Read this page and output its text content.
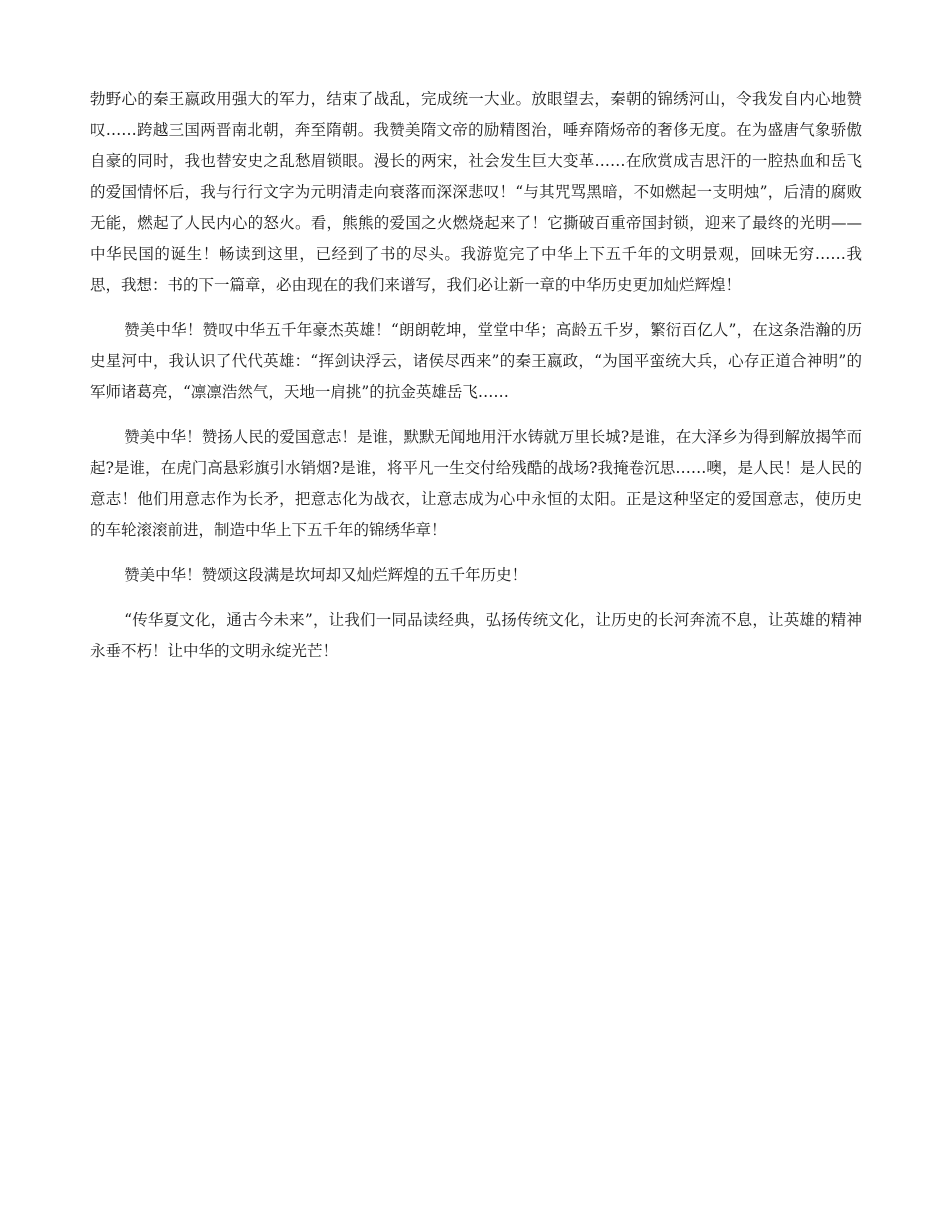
勃野心的秦王嬴政用强大的军力，结束了战乱，完成统一大业。放眼望去，秦朝的锦绣河山，令我发自内心地赞叹……跨越三国两晋南北朝，奔至隋朝。我赞美隋文帝的励精图治，唾弃隋炀帝的奢侈无度。在为盛唐气象骄傲自豪的同时，我也替安史之乱愁眉锁眼。漫长的两宋，社会发生巨大变革……在欣赏成吉思汗的一腔热血和岳飞的爱国情怀后，我与行行文字为元明清走向衰落而深深悲叹！“与其咒骂黑暗，不如燃起一支明烛”，后清的腐败无能，燃起了人民内心的怒火。看，熊熊的爱国之火燃烧起来了！它撕破百重帝国封锁，迎来了最终的光明——中华民国的诞生！畅读到这里，已经到了书的尽头。我游览完了中华上下五千年的文明景观，回味无穷……我思，我想：书的下一篇章，必由现在的我们来谱写，我们必让新一章的中华历史更加灿烂辉煌！

赞美中华！赞叹中华五千年豪杰英雄！“朗朗乾坤，堂堂中华；高龄五千岁，繁衍百亿人”，在这条浩瀚的历史星河中，我认识了代代英雄：“挥剑诀浮云，诸侯尽西来”的秦王嬴政，“为国平蛮统大兵，心存正道合神明”的军师诸葛亮，“凛凛浩然气，天地一肩挑”的抗金英雄岳飞……

赞美中华！赞扬人民的爱国意志！是谁，默默无闻地用汗水铸就万里长城?是谁，在大泽乡为得到解放揭竿而起?是谁，在虎门高悬彩旗引水销烟?是谁，将平凡一生交付给残酷的战场?我掩卷沉思……噢，是人民！是人民的意志！他们用意志作为长矛，把意志化为战衣，让意志成为心中永恒的太阳。正是这种坚定的爱国意志，使历史的车轮滚滚前进，制造中华上下五千年的锦绣华章！

赞美中华！赞颂这段满是坎坷却又灿烂辉煌的五千年历史！

“传华夏文化，通古今未来”，让我们一同品读经典，弘扬传统文化，让历史的长河奔流不息，让英雄的精神永垂不朽！让中华的文明永绽光芒！
